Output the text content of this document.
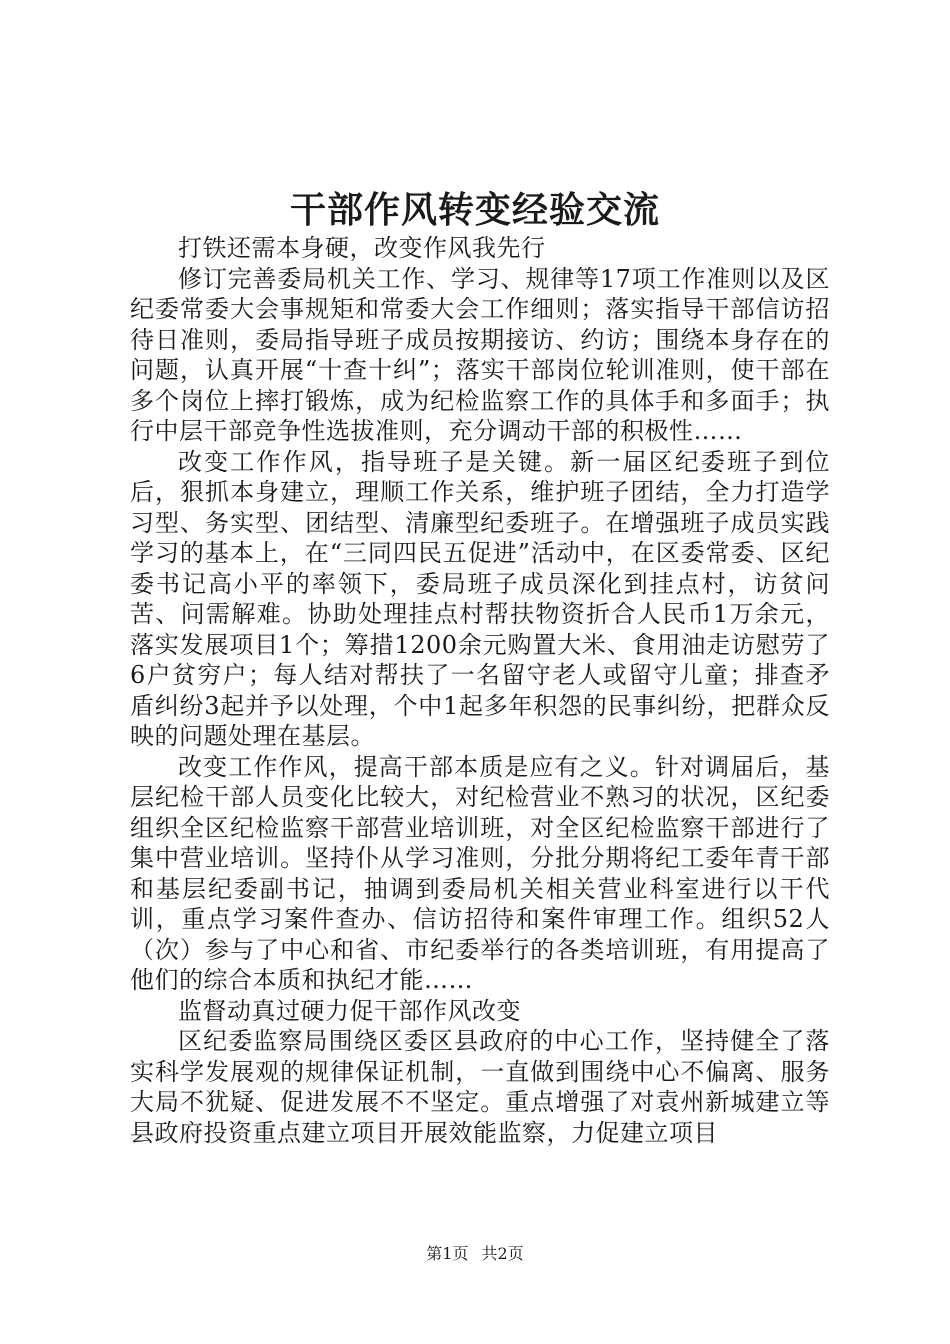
干部作风转变经验交流

打铁还需本身硬，改变作风我先行

修订完善委局机关工作、学习、规律等17项工作准则以及区纪委常委大会事规矩和常委大会工作细则；落实指导干部信访招待日准则，委局指导班子成员按期接访、约访；围绕本身存在的问题，认真开展“十查十纠”；落实干部岗位轮训准则，使干部在多个岗位上摔打锻炼，成为纪检监察工作的具体手和多面手；执行中层干部竞争性选拔准则，充分调动干部的积极性……

改变工作作风，指导班子是关键。新一届区纪委班子到位后，狠抓本身建立，理顺工作关系，维护班子团结，全力打造学习型、务实型、团结型、清廉型纪委班子。在增强班子成员实践学习的基本上，在“三同四民五促进”活动中，在区委常委、区纪委书记高小平的率领下，委局班子成员深化到挂点村，访贫问苦、问需解难。协助处理挂点村帮扶物资折合人民币1万余元，落实发展项目1个；筹措1200余元购置大米、食用油走访慰劳了6户贫穷户；每人结对帮扶了一名留守老人或留守儿童；排查矛盾纠纷3起并予以处理，个中1起多年积怨的民事纠纷，把群众反映的问题处理在基层。

改变工作作风，提高干部本质是应有之义。针对调届后，基层纪检干部人员变化比较大，对纪检营业不熟习的状况，区纪委组织全区纪检监察干部营业培训班，对全区纪检监察干部进行了集中营业培训。坚持仆从学习准则，分批分期将纪工委年青干部和基层纪委副书记，抽调到委局机关相关营业科室进行以干代训，重点学习案件查办、信访招待和案件审理工作。组织52人（次）参与了中心和省、市纪委举行的各类培训班，有用提高了他们的综合本质和执纪才能……

监督动真过硬力促干部作风改变

区纪委监察局围绕区委区县政府的中心工作，坚持健全了落实科学发展观的规律保证机制，一直做到围绕中心不偏离、服务大局不犹疑、促进发展不不坚定。重点增强了对袁州新城建立等县政府投资重点建立项目开展效能监察，力促建立项目

第1页 共2页
